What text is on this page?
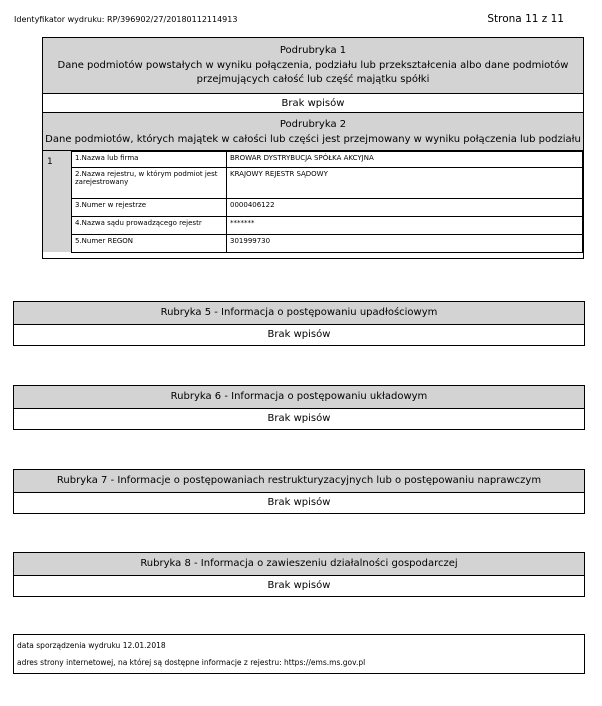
Identyfikator wydruku: RP/396902/27/20180112114913	Strona 11 z 11
Podrubryka 1
Dane podmiotów powstałych w wyniku połączenia, podziału lub przekształcenia albo dane podmiotów
przejmujących całość lub część majątku spółki
Brak wpisów
Podrubryka 2
Dane podmiotów, których majątek w całości lub części jest przejmowany w wyniku połączenia lub podziału
1	1.Nazwa lub firma	BROWAR DYSTRYBUCJA SPÓŁKA AKCYJNA
2.Nazwa rejestru, w którym podmiot jest zarejestrowany	KRAJOWY REJESTR SĄDOWY
3.Numer w rejestrze	0000406122
4.Nazwa sądu prowadzącego rejestr	*******
5.Numer REGON	301999730
Rubryka 5 - Informacja o postępowaniu upadłościowym
Brak wpisów
Rubryka 6 - Informacja o postępowaniu układowym
Brak wpisów
Rubryka 7 - Informacje o postępowaniach restrukturyzacyjnych lub o postępowaniu naprawczym
Brak wpisów
Rubryka 8 - Informacja o zawieszeniu działalności gospodarczej
Brak wpisów
data sporządzenia wydruku 12.01.2018
adres strony internetowej, na której są dostępne informacje z rejestru: https://ems.ms.gov.pl
